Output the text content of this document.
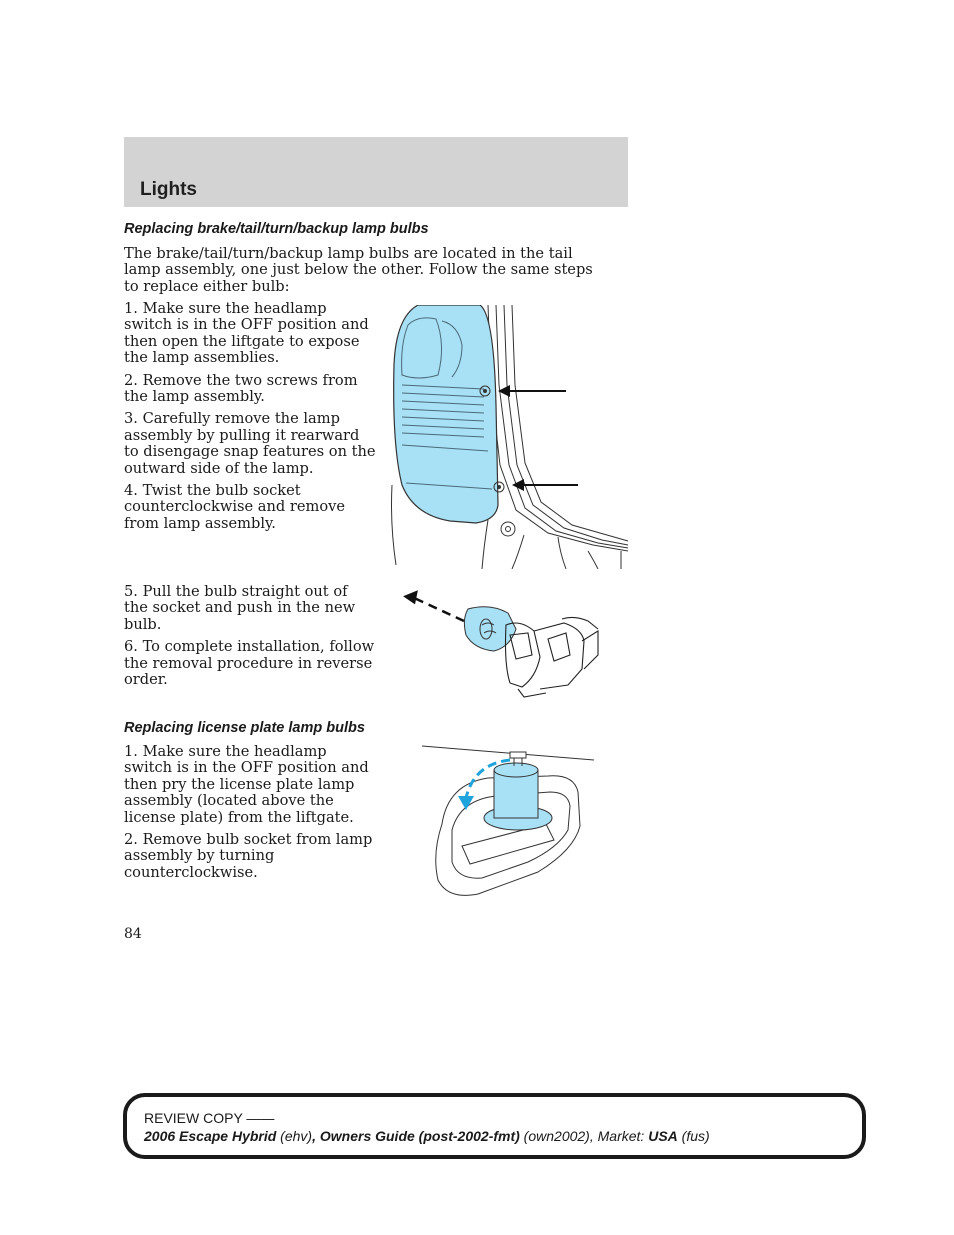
Lights
Replacing brake/tail/turn/backup lamp bulbs

The brake/tail/turn/backup lamp bulbs are located in the tail lamp assembly, one just below the other. Follow the same steps to replace either bulb:

1. Make sure the headlamp switch is in the OFF position and then open the liftgate to expose the lamp assemblies.

2. Remove the two screws from the lamp assembly.

3. Carefully remove the lamp assembly by pulling it rearward to disengage snap features on the outward side of the lamp.

4. Twist the bulb socket counterclockwise and remove from lamp assembly.

5. Pull the bulb straight out of the socket and push in the new bulb.

6. To complete installation, follow the removal procedure in reverse order.

Replacing license plate lamp bulbs

1. Make sure the headlamp switch is in the OFF position and then pry the license plate lamp assembly (located above the license plate) from the liftgate.

2. Remove bulb socket from lamp assembly by turning counterclockwise.

84
REVIEW COPY ——
2006 Escape Hybrid (ehv), Owners Guide (post-2002-fmt) (own2002), Market: USA (fus)
